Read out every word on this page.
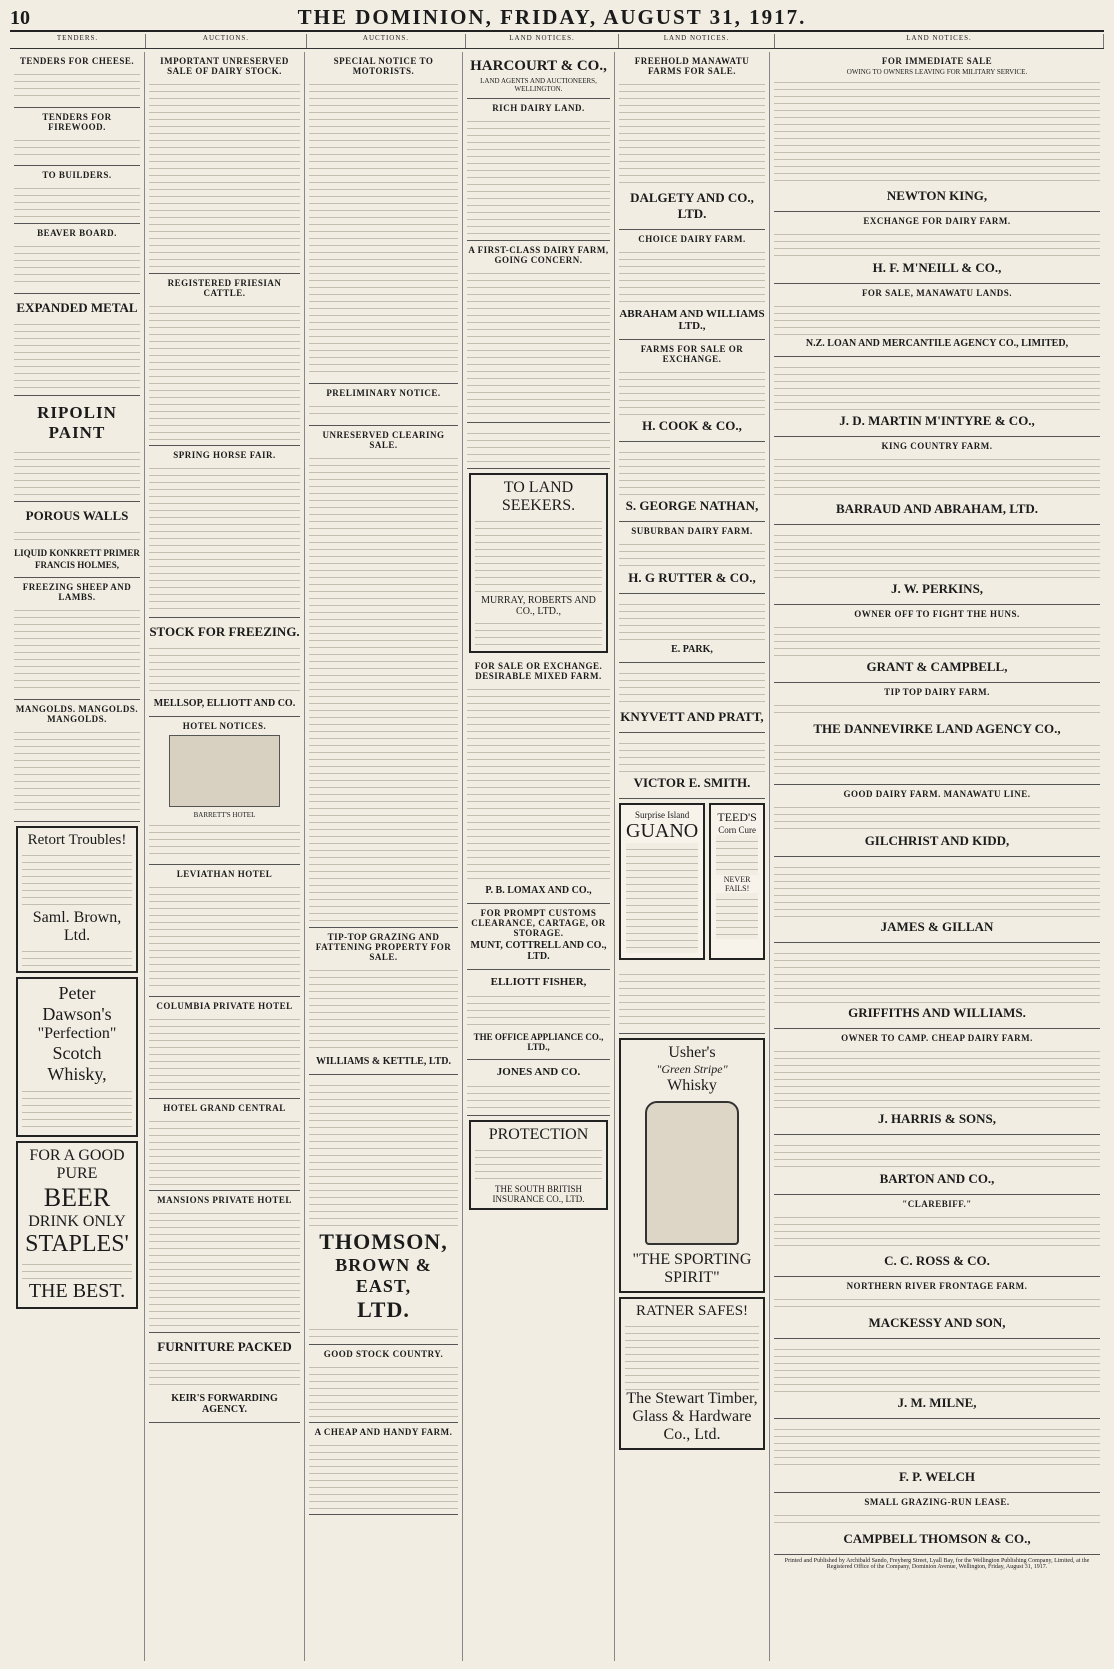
10	THE DOMINION, FRIDAY, AUGUST 31, 1917.
TENDERS.	AUCTIONS.	AUCTIONS.	LAND NOTICES.	LAND NOTICES.	LAND NOTICES.
TENDERS FOR CHEESE.
TENDERS FOR FIREWOOD.
TO BUILDERS.
BEAVER BOARD.
EXPANDED METAL
RIPOLIN PAINT
POROUS WALLS
LIQUID KONKRETT PRIMER
FRANCIS HOLMES,
FREEZING SHEEP AND LAMBS.
MANGOLDS. MANGOLDS. MANGOLDS.
Retort Troubles!
Saml. Brown, Ltd.
Peter
Dawson's
"Perfection"
Scotch
Whisky,
FOR A GOOD PURE
BEER
DRINK ONLY
STAPLES'
THE BEST.
IMPORTANT UNRESERVED SALE OF DAIRY STOCK.
REGISTERED FRIESIAN CATTLE.
SPRING HORSE FAIR.
STOCK FOR FREEZING.
MELLSOP, ELLIOTT AND CO.
HOTEL NOTICES.
BARRETT'S HOTEL
LEVIATHAN HOTEL
COLUMBIA PRIVATE HOTEL
HOTEL GRAND CENTRAL
MANSIONS PRIVATE HOTEL
FURNITURE PACKED
KEIR'S FORWARDING AGENCY.
SPECIAL NOTICE TO MOTORISTS.
PRELIMINARY NOTICE.
UNRESERVED CLEARING SALE.
TIP-TOP GRAZING AND FATTENING PROPERTY FOR SALE.
WILLIAMS & KETTLE, LTD.
THOMSON,
BROWN & EAST,
LTD.
GOOD STOCK COUNTRY.
A CHEAP AND HANDY FARM.
HARCOURT & CO.,
LAND AGENTS AND AUCTIONEERS, WELLINGTON.
RICH DAIRY LAND.
A FIRST-CLASS DAIRY FARM, GOING CONCERN.
TO LAND SEEKERS.
MURRAY, ROBERTS AND CO., LTD.,
FOR SALE OR EXCHANGE. DESIRABLE MIXED FARM.
P. B. LOMAX AND CO.,
FOR PROMPT CUSTOMS CLEARANCE, CARTAGE, OR STORAGE.
MUNT, COTTRELL AND CO., LTD.
ELLIOTT FISHER,
THE OFFICE APPLIANCE CO., LTD.,
JONES AND CO.
PROTECTION
THE SOUTH BRITISH INSURANCE CO., LTD.
FREEHOLD MANAWATU FARMS FOR SALE.
DALGETY AND CO., LTD.
CHOICE DAIRY FARM.
ABRAHAM AND WILLIAMS LTD.,
FARMS FOR SALE OR EXCHANGE.
H. COOK & CO.,
S. GEORGE NATHAN,
SUBURBAN DAIRY FARM.
H. G RUTTER & CO.,
E. PARK,
KNYVETT AND PRATT,
VICTOR E. SMITH.
Surprise Island
GUANO
TEED'S
Corn Cure
NEVER FAILS!
Usher's
"Green Stripe"
Whisky
"THE SPORTING SPIRIT"
RATNER SAFES!
The Stewart Timber, Glass & Hardware Co., Ltd.
FOR IMMEDIATE SALE
OWING TO OWNERS LEAVING FOR MILITARY SERVICE.
NEWTON KING,
EXCHANGE FOR DAIRY FARM.
H. F. M'NEILL & CO.,
FOR SALE, MANAWATU LANDS.
N.Z. LOAN AND MERCANTILE AGENCY CO., LIMITED,
J. D. MARTIN M'INTYRE & CO.,
KING COUNTRY FARM.
BARRAUD AND ABRAHAM, LTD.
J. W. PERKINS,
OWNER OFF TO FIGHT THE HUNS.
GRANT & CAMPBELL,
TIP TOP DAIRY FARM.
THE DANNEVIRKE LAND AGENCY CO.,
GOOD DAIRY FARM. MANAWATU LINE.
GILCHRIST AND KIDD,
JAMES & GILLAN
GRIFFITHS AND WILLIAMS.
OWNER TO CAMP. CHEAP DAIRY FARM.
J. HARRIS & SONS,
BARTON AND CO.,
"CLAREBIFF."
C. C. ROSS & CO.
NORTHERN RIVER FRONTAGE FARM.
MACKESSY AND SON,
J. M. MILNE,
F. P. WELCH
SMALL GRAZING-RUN LEASE.
CAMPBELL THOMSON & CO.,
Printed and Published by Archibald Sando, Freyberg Street, Lyall Bay, for the Wellington Publishing Company, Limited, at the Registered Office of the Company, Dominion Avenue, Wellington, Friday, August 31, 1917.
